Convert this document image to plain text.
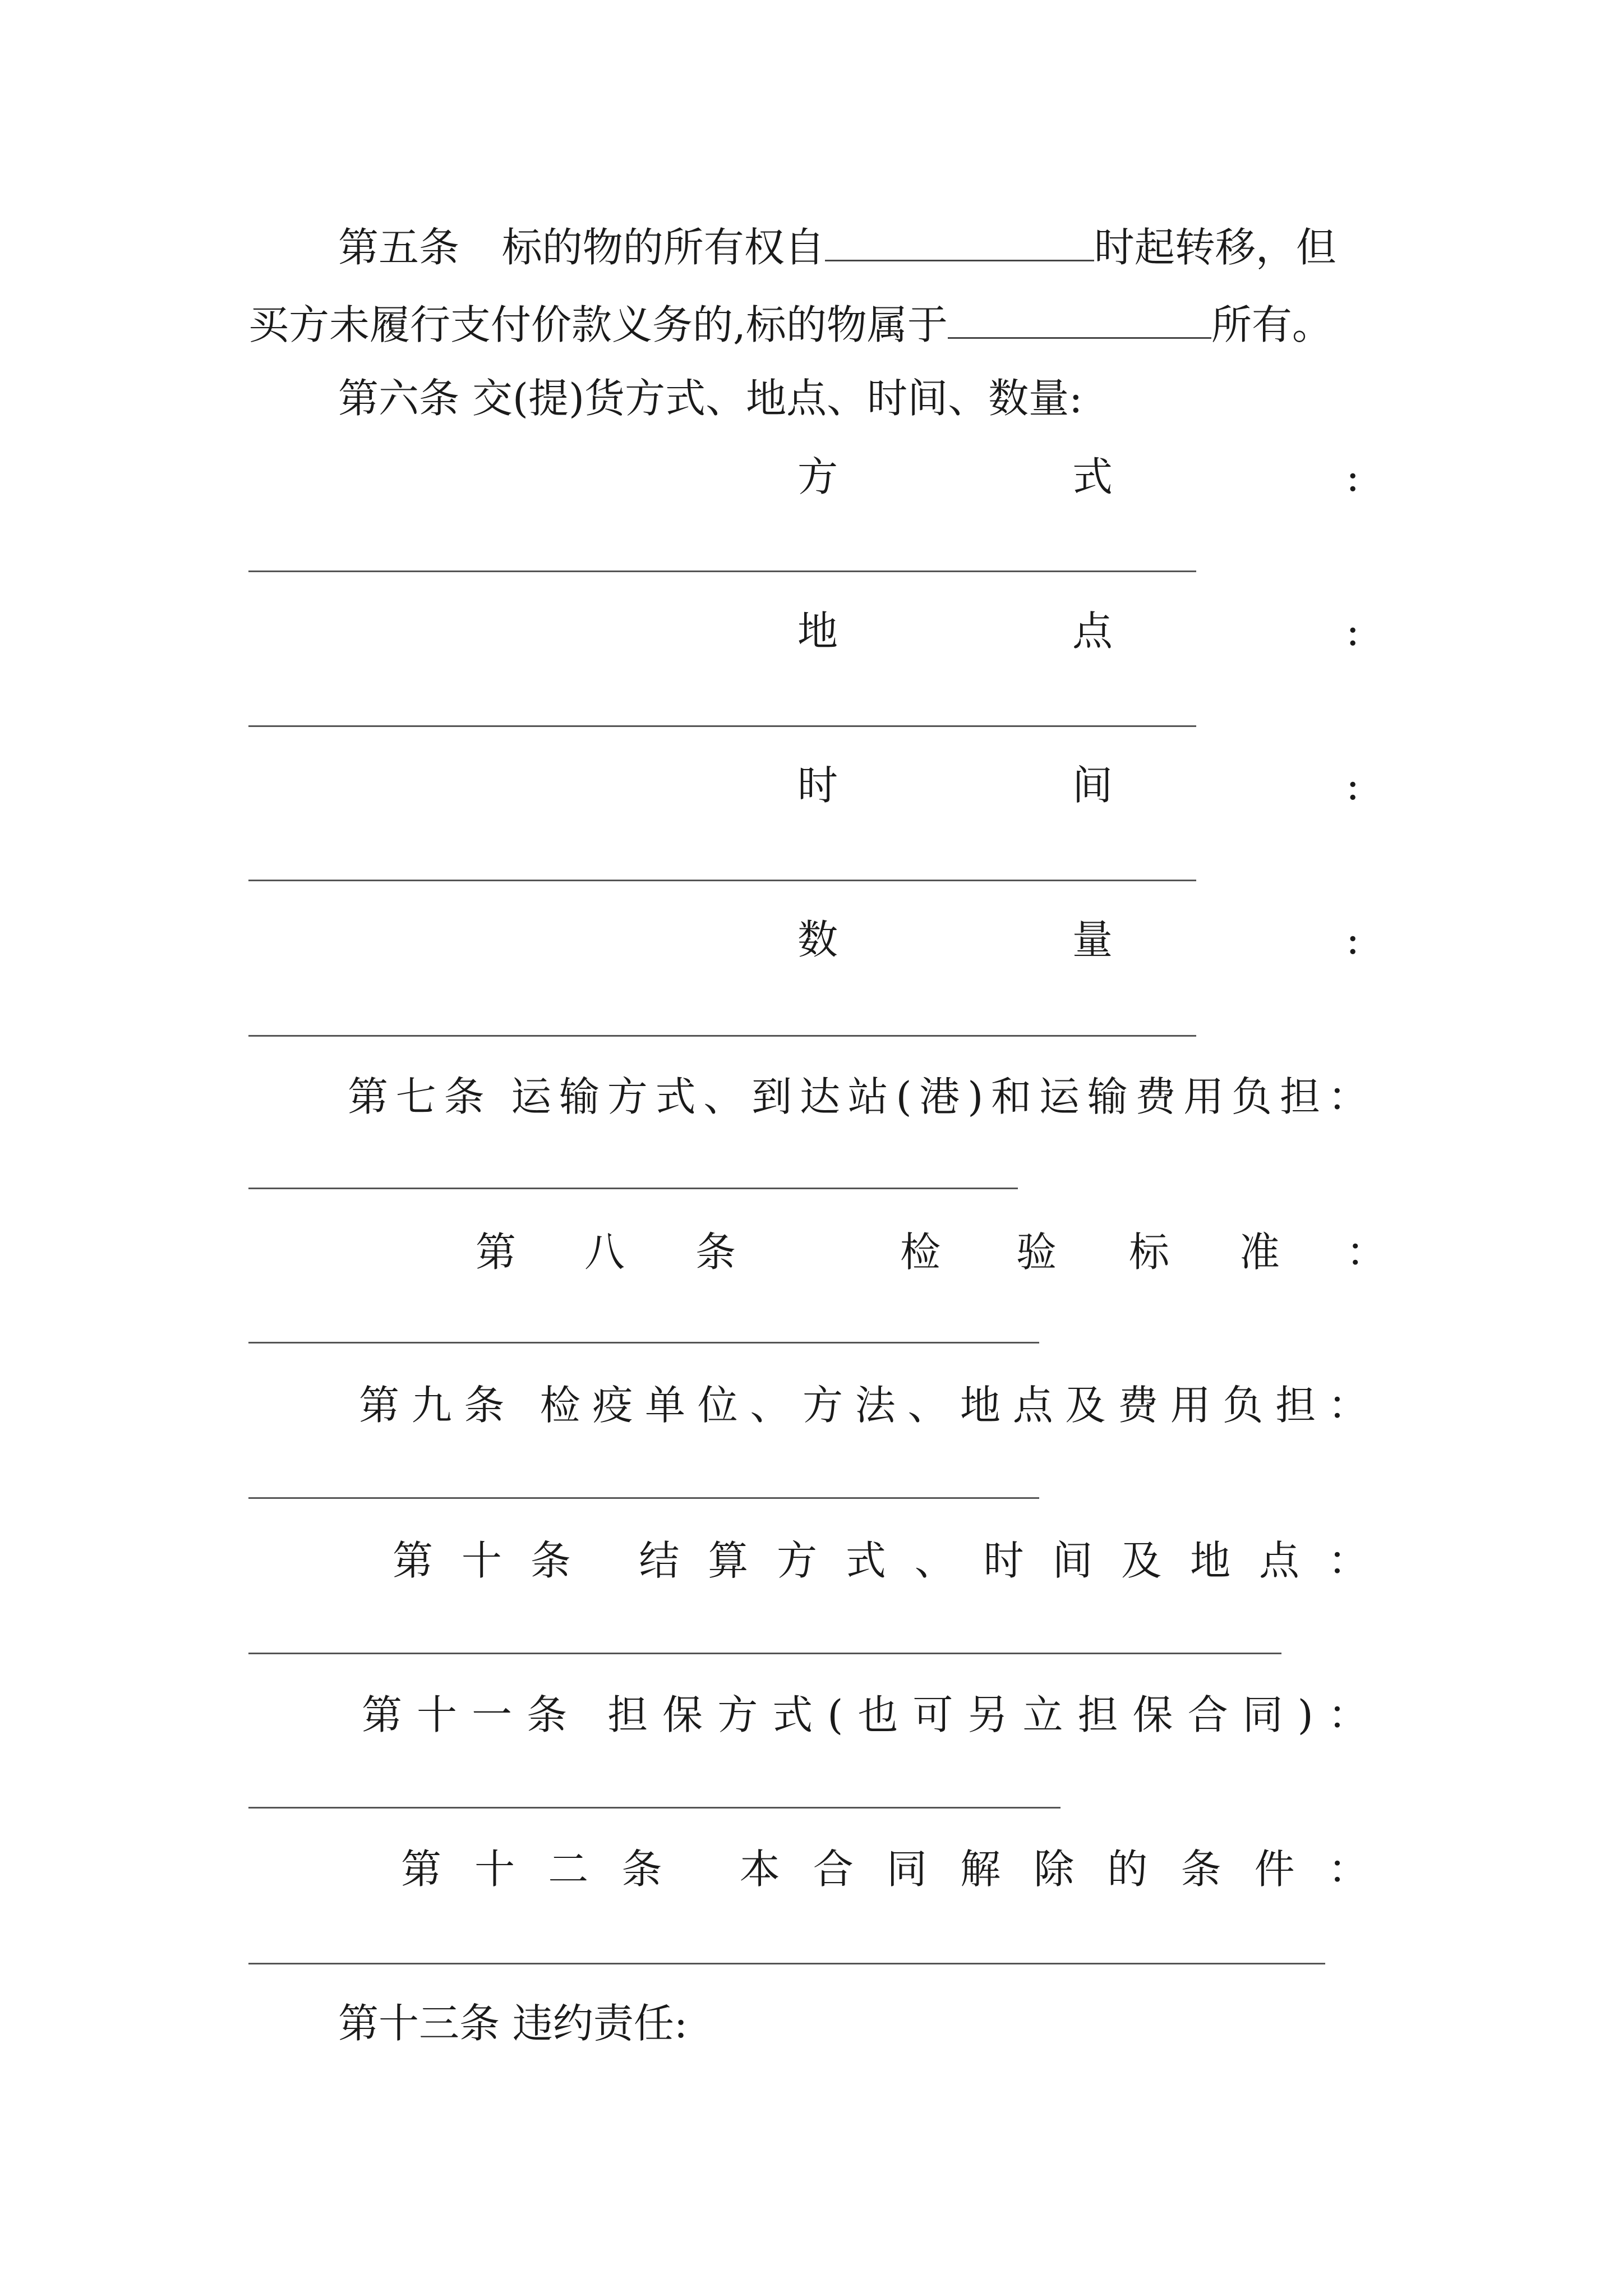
第五条 标的物的所有权自	时起转移，但
买方未履行支付价款义务的,标的物属于	所有。
第六条 交(提)货方式、地点、时间、数量:
方	式	:
地	点	:
时	间	:
数	量	:
第 七 条 运 输 方 式 、 到 达 站 ( 港 ) 和 运 输 费 用 负 担 ：
第 八 条	检 验 标 准 ：
第 九 条 检 疫 单 位 、 方 法 、 地 点 及 费 用 负 担 ：
第 十 条 结 算 方 式 、 时 间 及 地 点 ：
第 十 一 条 担 保 方 式 ( 也 可 另 立 担 保 合 同 ) ：
第 十 二 条 本 合 同 解 除 的 条 件 ：
第十三条 违约责任:
